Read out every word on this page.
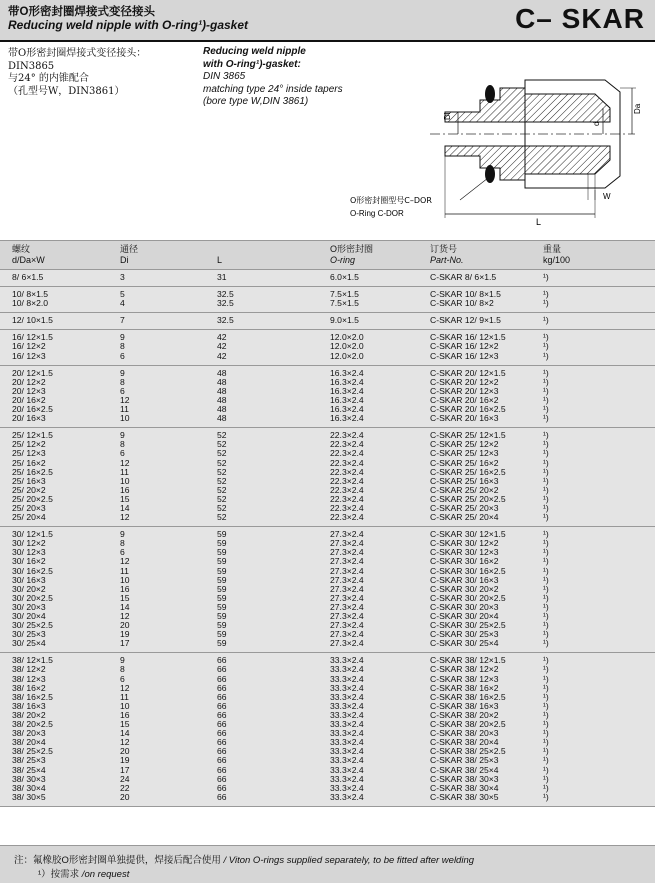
带O形密封圈焊接式变径接头
Reducing weld nipple with O-ring¹)-gasket	C– SKAR
带O形密封圈焊接式变径接头：
DIN3865
与24° 的内锥配合
（孔型号W，DIN3861）
Reducing weld nipple
with O-ring¹)-gasket:
DIN 3865
matching type 24° inside tapers
(bore type W,DIN 3861)
Di
d
Da
W
L
O形密封圈型号C–DOR
O-Ring C-DOR
螺纹
d/Da×W
通径
Di	L
O形密封圈
O-ring
订货号
Part-No.
重量
kg/100
8/ 6×1.5	3	31	6.0×1.5	C-SKAR 8/ 6×1.5	¹)
10/ 8×1.5	5	32.5	7.5×1.5	C-SKAR 10/ 8×1.5	¹)
10/ 8×2.0	4	32.5	7.5×1.5	C-SKAR 10/ 8×2	¹)
12/ 10×1.5	7	32.5	9.0×1.5	C-SKAR 12/ 9×1.5	¹)
16/ 12×1.5	9	42	12.0×2.0	C-SKAR 16/ 12×1.5	¹)
16/ 12×2	8	42	12.0×2.0	C-SKAR 16/ 12×2	¹)
16/ 12×3	6	42	12.0×2.0	C-SKAR 16/ 12×3	¹)
20/ 12×1.5	9	48	16.3×2.4	C-SKAR 20/ 12×1.5	¹)
20/ 12×2	8	48	16.3×2.4	C-SKAR 20/ 12×2	¹)
20/ 12×3	6	48	16.3×2.4	C-SKAR 20/ 12×3	¹)
20/ 16×2	12	48	16.3×2.4	C-SKAR 20/ 16×2	¹)
20/ 16×2.5	11	48	16.3×2.4	C-SKAR 20/ 16×2.5	¹)
20/ 16×3	10	48	16.3×2.4	C-SKAR 20/ 16×3	¹)
25/ 12×1.5	9	52	22.3×2.4	C-SKAR 25/ 12×1.5	¹)
25/ 12×2	8	52	22.3×2.4	C-SKAR 25/ 12×2	¹)
25/ 12×3	6	52	22.3×2.4	C-SKAR 25/ 12×3	¹)
25/ 16×2	12	52	22.3×2.4	C-SKAR 25/ 16×2	¹)
25/ 16×2.5	11	52	22.3×2.4	C-SKAR 25/ 16×2.5	¹)
25/ 16×3	10	52	22.3×2.4	C-SKAR 25/ 16×3	¹)
25/ 20×2	16	52	22.3×2.4	C-SKAR 25/ 20×2	¹)
25/ 20×2.5	15	52	22.3×2.4	C-SKAR 25/ 20×2.5	¹)
25/ 20×3	14	52	22.3×2.4	C-SKAR 25/ 20×3	¹)
25/ 20×4	12	52	22.3×2.4	C-SKAR 25/ 20×4	¹)
30/ 12×1.5	9	59	27.3×2.4	C-SKAR 30/ 12×1.5	¹)
30/ 12×2	8	59	27.3×2.4	C-SKAR 30/ 12×2	¹)
30/ 12×3	6	59	27.3×2.4	C-SKAR 30/ 12×3	¹)
30/ 16×2	12	59	27.3×2.4	C-SKAR 30/ 16×2	¹)
30/ 16×2.5	11	59	27.3×2.4	C-SKAR 30/ 16×2.5	¹)
30/ 16×3	10	59	27.3×2.4	C-SKAR 30/ 16×3	¹)
30/ 20×2	16	59	27.3×2.4	C-SKAR 30/ 20×2	¹)
30/ 20×2.5	15	59	27.3×2.4	C-SKAR 30/ 20×2.5	¹)
30/ 20×3	14	59	27.3×2.4	C-SKAR 30/ 20×3	¹)
30/ 20×4	12	59	27.3×2.4	C-SKAR 30/ 20×4	¹)
30/ 25×2.5	20	59	27.3×2.4	C-SKAR 30/ 25×2.5	¹)
30/ 25×3	19	59	27.3×2.4	C-SKAR 30/ 25×3	¹)
30/ 25×4	17	59	27.3×2.4	C-SKAR 30/ 25×4	¹)
38/ 12×1.5	9	66	33.3×2.4	C-SKAR 38/ 12×1.5	¹)
38/ 12×2	8	66	33.3×2.4	C-SKAR 38/ 12×2	¹)
38/ 12×3	6	66	33.3×2.4	C-SKAR 38/ 12×3	¹)
38/ 16×2	12	66	33.3×2.4	C-SKAR 38/ 16×2	¹)
38/ 16×2.5	11	66	33.3×2.4	C-SKAR 38/ 16×2.5	¹)
38/ 16×3	10	66	33.3×2.4	C-SKAR 38/ 16×3	¹)
38/ 20×2	16	66	33.3×2.4	C-SKAR 38/ 20×2	¹)
38/ 20×2.5	15	66	33.3×2.4	C-SKAR 38/ 20×2.5	¹)
38/ 20×3	14	66	33.3×2.4	C-SKAR 38/ 20×3	¹)
38/ 20×4	12	66	33.3×2.4	C-SKAR 38/ 20×4	¹)
38/ 25×2.5	20	66	33.3×2.4	C-SKAR 38/ 25×2.5	¹)
38/ 25×3	19	66	33.3×2.4	C-SKAR 38/ 25×3	¹)
38/ 25×4	17	66	33.3×2.4	C-SKAR 38/ 25×4	¹)
38/ 30×3	24	66	33.3×2.4	C-SKAR 38/ 30×3	¹)
38/ 30×4	22	66	33.3×2.4	C-SKAR 38/ 30×4	¹)
38/ 30×5	20	66	33.3×2.4	C-SKAR 38/ 30×5	¹)
注：氟橡胶O形密封圈单独提供，焊接后配合使用 / Viton O-rings supplied separately, to be fitted after welding
¹）按需求 /on request
